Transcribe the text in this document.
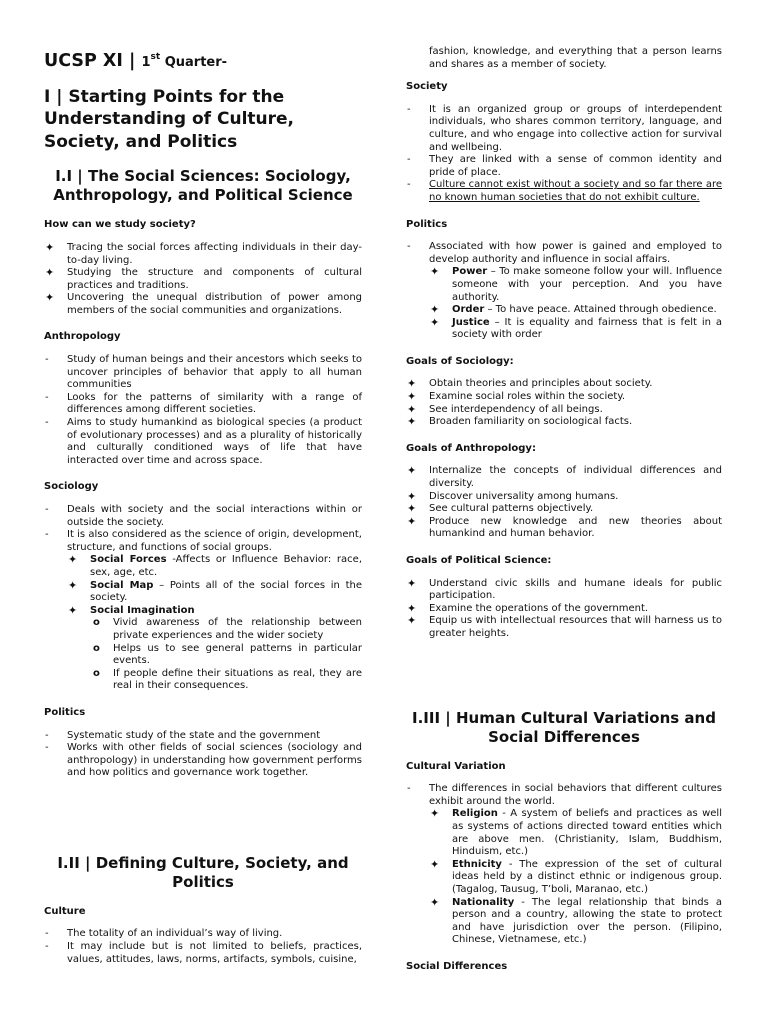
UCSP XI | 1st Quarter-
I | Starting Points for the Understanding of Culture, Society, and Politics
I.I | The Social Sciences: Sociology, Anthropology, and Political Science
How can we study society?
✦ Tracing the social forces affecting individuals in their day-to-day living.
✦ Studying the structure and components of cultural practices and traditions.
✦ Uncovering the unequal distribution of power among members of the social communities and organizations.
Anthropology
- Study of human beings and their ancestors which seeks to uncover principles of behavior that apply to all human communities
- Looks for the patterns of similarity with a range of differences among different societies.
- Aims to study humankind as biological species (a product of evolutionary processes) and as a plurality of historically and culturally conditioned ways of life that have interacted over time and across space.
Sociology
- Deals with society and the social interactions within or outside the society.
- It is also considered as the science of origin, development, structure, and functions of social groups.
✦ Social Forces -Affects or Influence Behavior: race, sex, age, etc.
✦ Social Map – Points all of the social forces in the society.
✦ Social Imagination
o Vivid awareness of the relationship between private experiences and the wider society
o Helps us to see general patterns in particular events.
o If people define their situations as real, they are real in their consequences.
Politics
- Systematic study of the state and the government
- Works with other fields of social sciences (sociology and anthropology) in understanding how government performs and how politics and governance work together.
I.II | Defining Culture, Society, and Politics
Culture
- The totality of an individual’s way of living.
- It may include but is not limited to beliefs, practices, values, attitudes, laws, norms, artifacts, symbols, cuisine,
fashion, knowledge, and everything that a person learns and shares as a member of society.
Society
- It is an organized group or groups of interdependent individuals, who shares common territory, language, and culture, and who engage into collective action for survival and wellbeing.
- They are linked with a sense of common identity and pride of place.
- Culture cannot exist without a society and so far there are no known human societies that do not exhibit culture.
Politics
- Associated with how power is gained and employed to develop authority and influence in social affairs.
✦ Power – To make someone follow your will. Influence someone with your perception. And you have authority.
✦ Order – To have peace. Attained through obedience.
✦ Justice – It is equality and fairness that is felt in a society with order
Goals of Sociology:
✦ Obtain theories and principles about society.
✦ Examine social roles within the society.
✦ See interdependency of all beings.
✦ Broaden familiarity on sociological facts.
Goals of Anthropology:
✦ Internalize the concepts of individual differences and diversity.
✦ Discover universality among humans.
✦ See cultural patterns objectively.
✦ Produce new knowledge and new theories about humankind and human behavior.
Goals of Political Science:
✦ Understand civic skills and humane ideals for public participation.
✦ Examine the operations of the government.
✦ Equip us with intellectual resources that will harness us to greater heights.
I.III | Human Cultural Variations and Social Differences
Cultural Variation
- The differences in social behaviors that different cultures exhibit around the world.
✦ Religion - A system of beliefs and practices as well as systems of actions directed toward entities which are above men. (Christianity, Islam, Buddhism, Hinduism, etc.)
✦ Ethnicity - The expression of the set of cultural ideas held by a distinct ethnic or indigenous group. (Tagalog, Tausug, T’boli, Maranao, etc.)
✦ Nationality - The legal relationship that binds a person and a country, allowing the state to protect and have jurisdiction over the person. (Filipino, Chinese, Vietnamese, etc.)
Social Differences
